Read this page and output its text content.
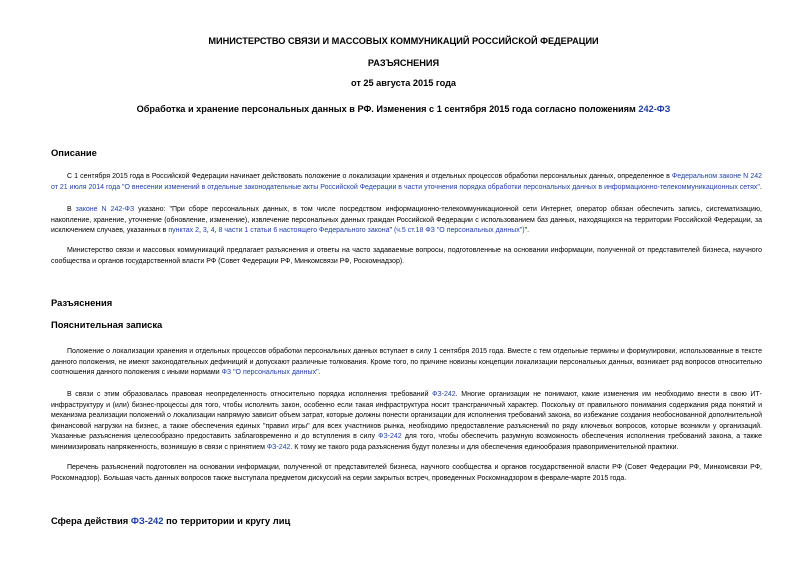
МИНИСТЕРСТВО СВЯЗИ И МАССОВЫХ КОММУНИКАЦИЙ РОССИЙСКОЙ ФЕДЕРАЦИИ
РАЗЪЯСНЕНИЯ
от 25 августа 2015 года
Обработка и хранение персональных данных в РФ. Изменения с 1 сентября 2015 года согласно положениям 242-ФЗ
Описание
С 1 сентября 2015 года в Российской Федерации начинает действовать положение о локализации хранения и отдельных процессов обработки персональных данных, определенное в Федеральном законе N 242 от 21 июля 2014 года "О внесении изменений в отдельные законодательные акты Российской Федерации в части уточнения порядка обработки персональных данных в информационно-телекоммуникационных сетях".
В законе N 242-ФЗ указано: "При сборе персональных данных, в том числе посредством информационно-телекоммуникационной сети Интернет, оператор обязан обеспечить запись, систематизацию, накопление, хранение, уточнение (обновление, изменение), извлечение персональных данных граждан Российской Федерации с использованием баз данных, находящихся на территории Российской Федерации, за исключением случаев, указанных в пунктах 2, 3, 4, 8 части 1 статьи 6 настоящего Федерального закона" (ч.5 ст.18 ФЗ "О персональных данных")".
Министерство связи и массовых коммуникаций предлагает разъяснения и ответы на часто задаваемые вопросы, подготовленные на основании информации, полученной от представителей бизнеса, научного сообщества и органов государственной власти РФ (Совет Федерации РФ, Минкомсвязи РФ, Роскомнадзор).
Разъяснения
Пояснительная записка
Положение о локализации хранения и отдельных процессов обработки персональных данных вступает в силу 1 сентября 2015 года. Вместе с тем отдельные термины и формулировки, использованные в тексте данного положения, не имеют законодательных дефиниций и допускают различные толкования. Кроме того, по причине новизны концепции локализации персональных данных, возникает ряд вопросов относительно соотношения данного положения с иными нормами ФЗ "О персональных данных".
В связи с этим образовалась правовая неопределенность относительно порядка исполнения требований ФЗ-242. Многие организации не понимают, какие изменения им необходимо внести в свою ИТ-инфраструктуру и (или) бизнес-процессы для того, чтобы исполнить закон, особенно если такая инфраструктура носит трансграничный характер. Поскольку от правильного понимания содержания ряда понятий и механизма реализации положений о локализации напрямую зависит объем затрат, которые должны понести организации для исполнения требований закона, во избежание создания необоснованной дополнительной финансовой нагрузки на бизнес, а также обеспечения единых "правил игры" для всех участников рынка, необходимо предоставление разъяснений по ряду ключевых вопросов, которые возникли у организаций. Указанные разъяснения целесообразно предоставить заблаговременно и до вступления в силу ФЗ-242 для того, чтобы обеспечить разумную возможность обеспечения исполнения требований закона, а также минимизировать напряженность, возникшую в связи с принятием ФЗ-242. К тому же такого рода разъяснения будут полезны и для обеспечения единообразия правоприменительной практики.
Перечень разъяснений подготовлен на основании информации, полученной от представителей бизнеса, научного сообщества и органов государственной власти РФ (Совет Федерации РФ, Минкомсвязи РФ, Роскомнадзор). Большая часть данных вопросов также выступала предметом дискуссий на серии закрытых встреч, проведенных Роскомнадзором в феврале-марте 2015 года.
Сфера действия ФЗ-242 по территории и кругу лиц
